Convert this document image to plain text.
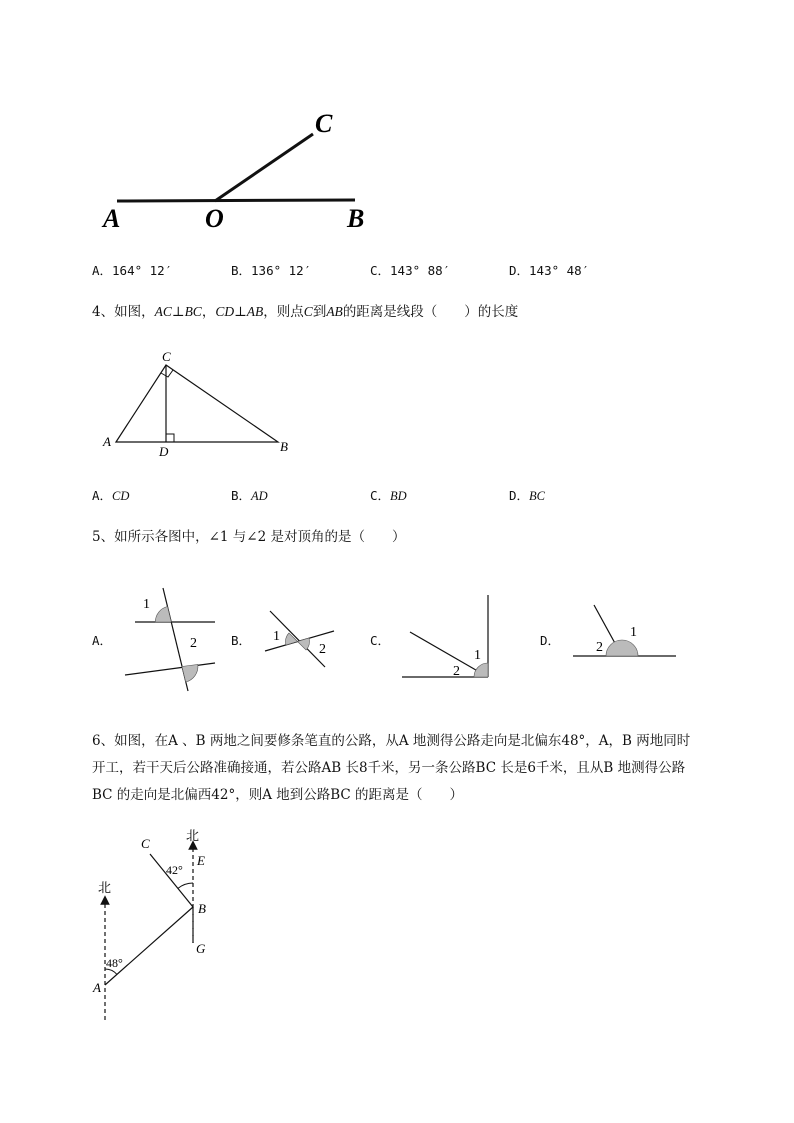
A	O	B
C
A．164° 12′	B．136° 12′	C．143° 88′	D．143° 48′
4、如图，AC⊥BC，CD⊥AB，则点C到AB的距离是线段（　　）的长度
A	B
C
D
A．CD	B．AD	C．BD	D．BC
5、如所示各图中，∠1 与∠2 是对顶角的是（　　）
A．
1
2	B． 1
2
C．
1
2
D．
1
2
6、如图，在A 、B 两地之间要修条笔直的公路，从A 地测得公路走向是北偏东48°，A，B 两地同时
开工，若干天后公路准确接通，若公路AB 长8千米，另一条公路BC 长是6千米，且从B 地测得公路
BC 的走向是北偏西42°，则A 地到公路BC 的距离是（　　）
北
北
42°
48°
C
E
B
G
A
